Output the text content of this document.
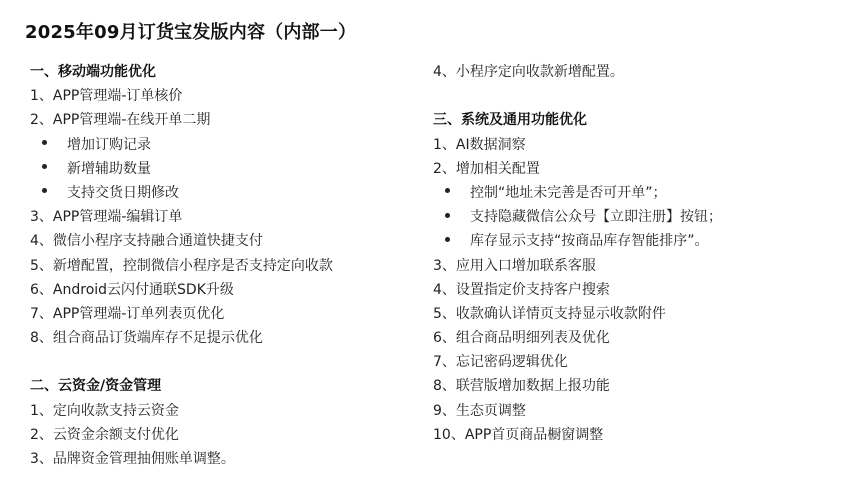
2025年09月订货宝发版内容（内部一）
一、移动端功能优化
1、APP管理端-订单核价
2、APP管理端-在线开单二期
增加订购记录
新增辅助数量
支持交货日期修改
3、APP管理端-编辑订单
4、微信小程序支持融合通道快捷支付
5、新增配置，控制微信小程序是否支持定向收款
6、Android云闪付通联SDK升级
7、APP管理端-订单列表页优化
8、组合商品订货端库存不足提示优化
二、云资金/资金管理
1、定向收款支持云资金
2、云资金余额支付优化
3、品牌资金管理抽佣账单调整。
4、小程序定向收款新增配置。
三、系统及通用功能优化
1、AI数据洞察
2、增加相关配置
控制“地址未完善是否可开单”；
支持隐藏微信公众号【立即注册】按钮；
库存显示支持“按商品库存智能排序”。
3、应用入口增加联系客服
4、设置指定价支持客户搜索
5、收款确认详情页支持显示收款附件
6、组合商品明细列表及优化
7、忘记密码逻辑优化
8、联营版增加数据上报功能
9、生态页调整
10、APP首页商品橱窗调整
